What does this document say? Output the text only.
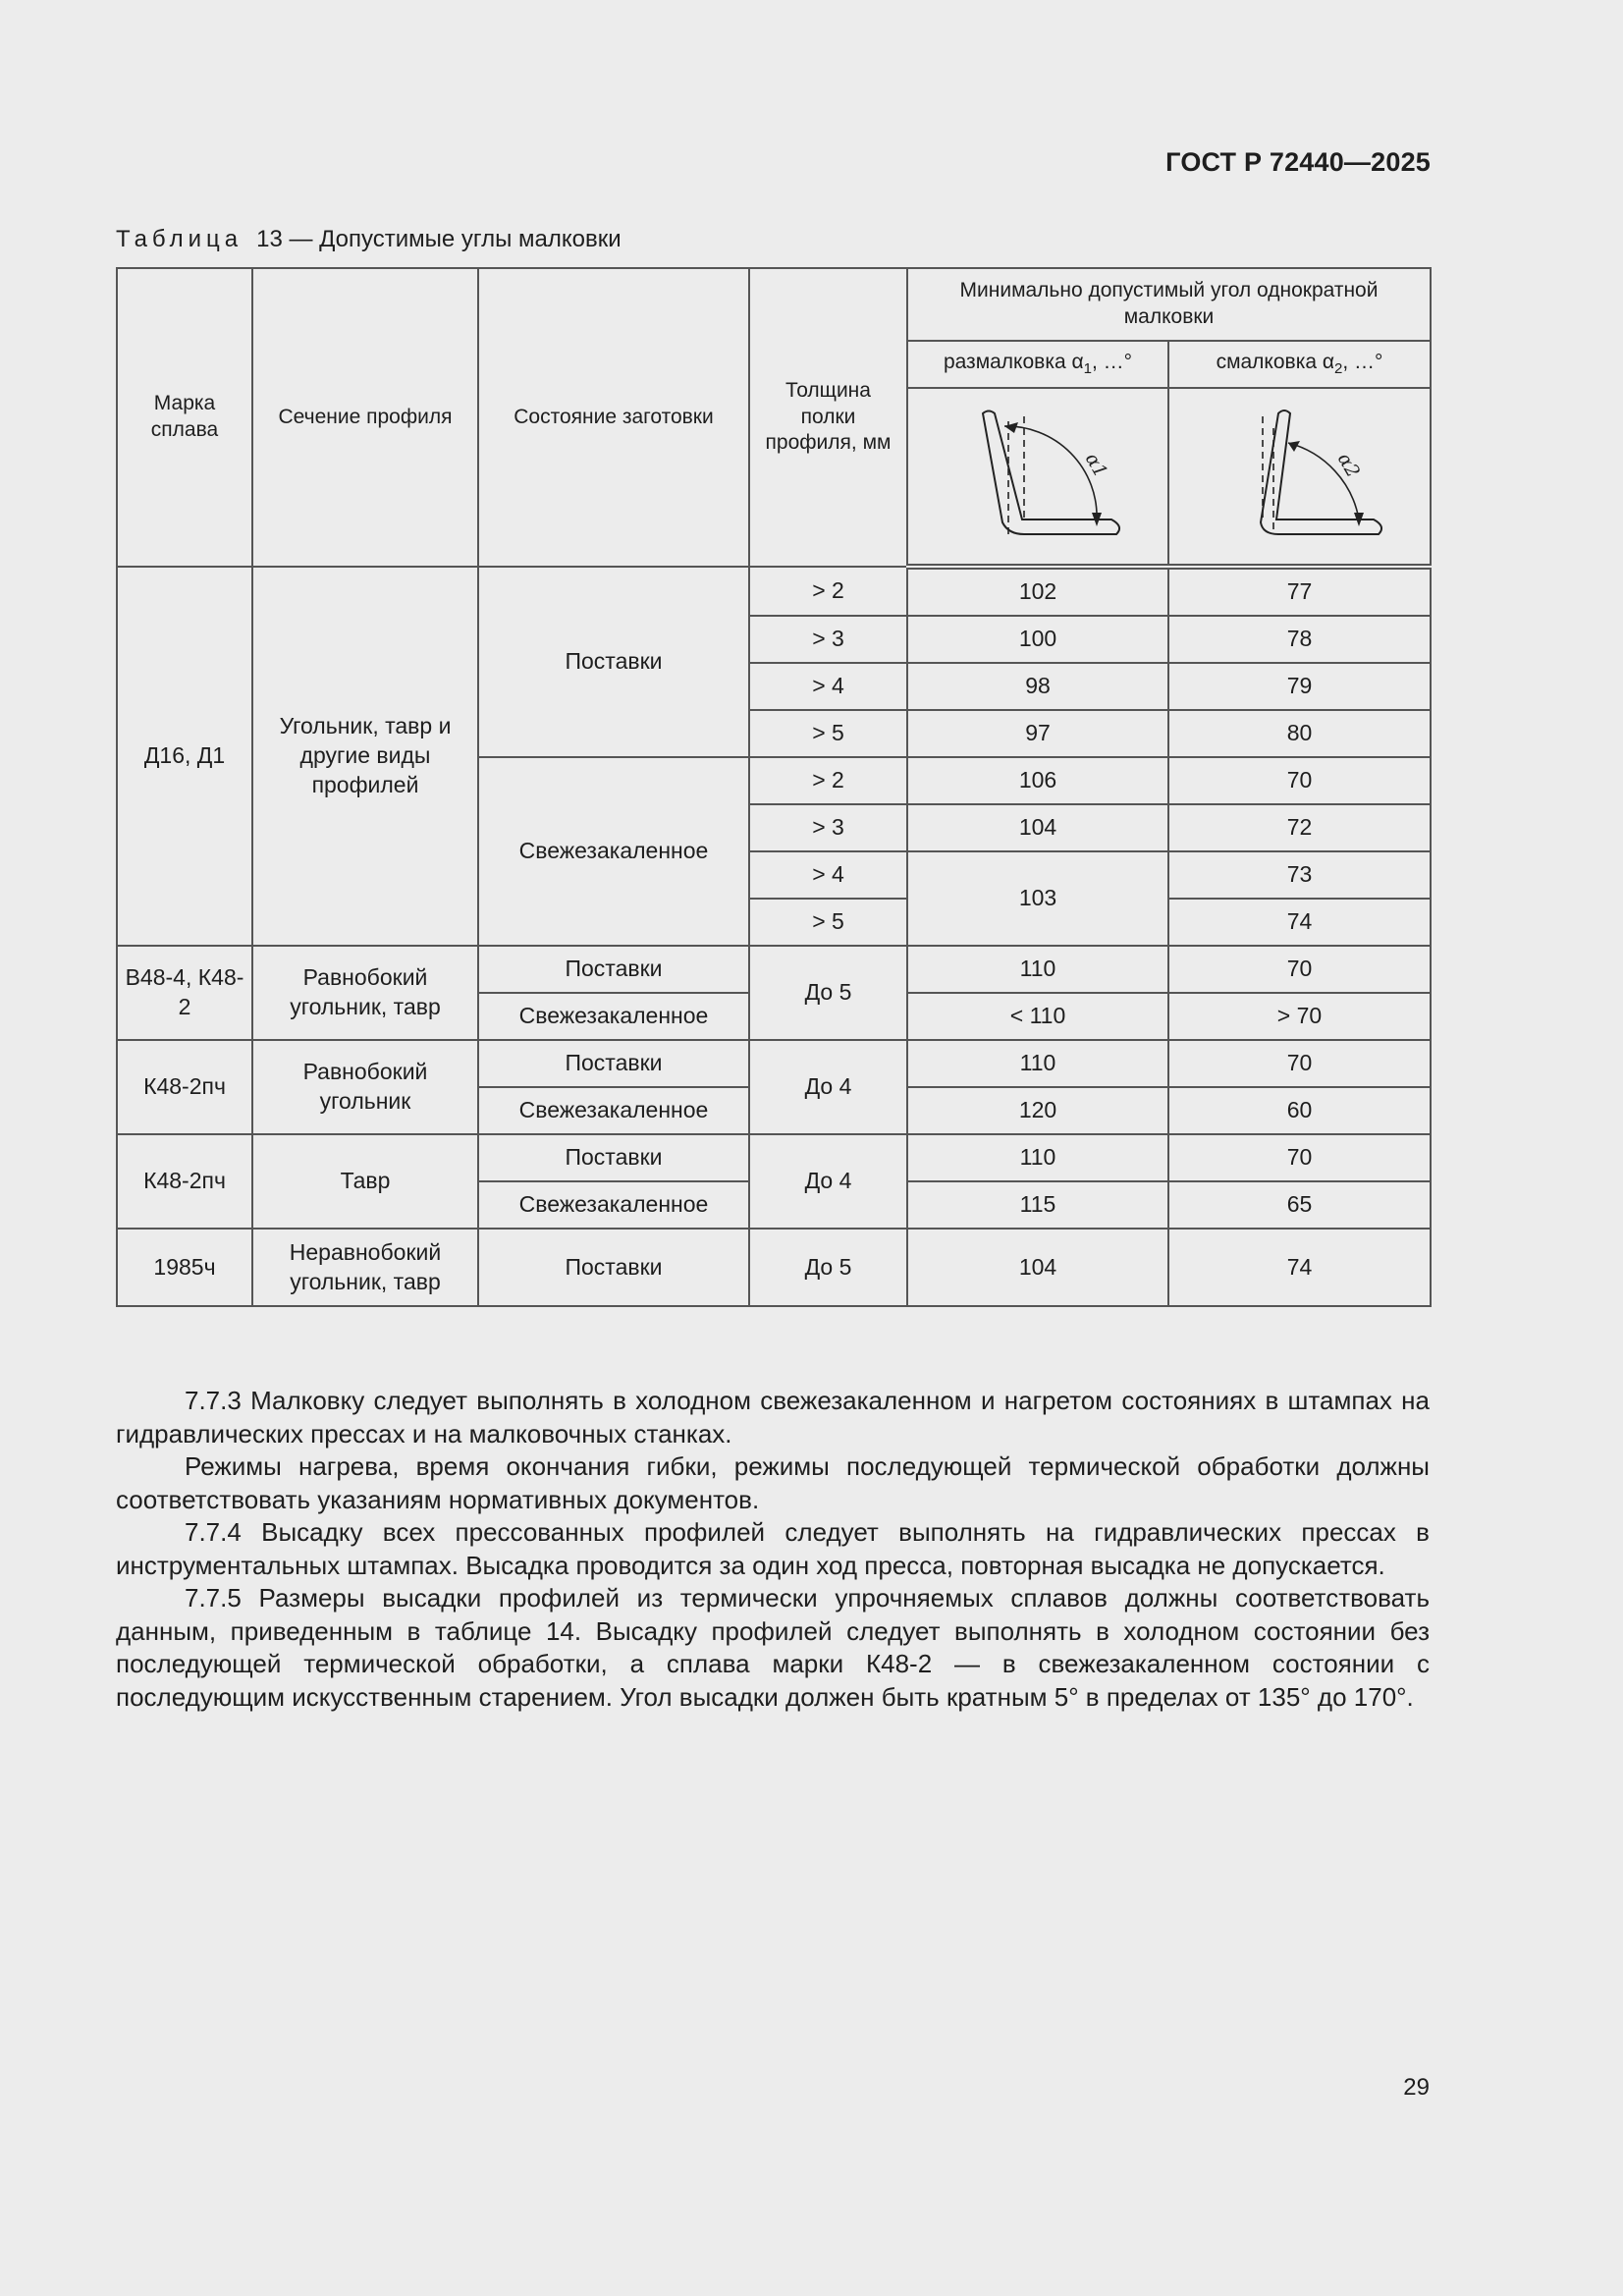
ГОСТ Р 72440—2025
Таблица 13 — Допустимые углы малковки
Марка сплава	Сечение профиля	Состояние заготовки	Толщина полки профиля, мм	Минимально допустимый угол однократной малковки	
				размалковка $\alpha_1$, …°	смалковка $\alpha_2$, …°

α1	α2

Д16, Д1	Угольник, тавр и другие виды профилей	Поставки	> 2	102	77
			> 3	100	78
			> 4	98	79
			> 5	97	80
		Свежезакаленное	> 2	106	70
			> 3	104	72
			> 4	103	73
			> 5		74
В48-4, К48-2	Равнобокий угольник, тавр	Поставки	До 5	110	70
		Свежезакаленное		< 110	> 70
К48-2пч	Равнобокий угольник	Поставки	До 4	110	70
		Свежезакаленное		120	60
К48-2пч	Тавр	Поставки	До 4	110	70
		Свежезакаленное		115	65
1985ч	Неравнобокий угольник, тавр	Поставки	До 5	104	74

7.7.3 Малковку следует выполнять в холодном свежезакаленном и нагретом состояниях в штампах на гидравлических прессах и на малковочных станках.

Режимы нагрева, время окончания гибки, режимы последующей термической обработки должны соответствовать указаниям нормативных документов.

7.7.4 Высадку всех прессованных профилей следует выполнять на гидравлических прессах в инструментальных штампах. Высадка проводится за один ход пресса, повторная высадка не допускается.

7.7.5 Размеры высадки профилей из термически упрочняемых сплавов должны соответствовать данным, приведенным в таблице 14. Высадку профилей следует выполнять в холодном состоянии без последующей термической обработки, а сплава марки К48-2 — в свежезакаленном состоянии с последующим искусственным старением. Угол высадки должен быть кратным 5° в пределах от 135° до 170°.

29
